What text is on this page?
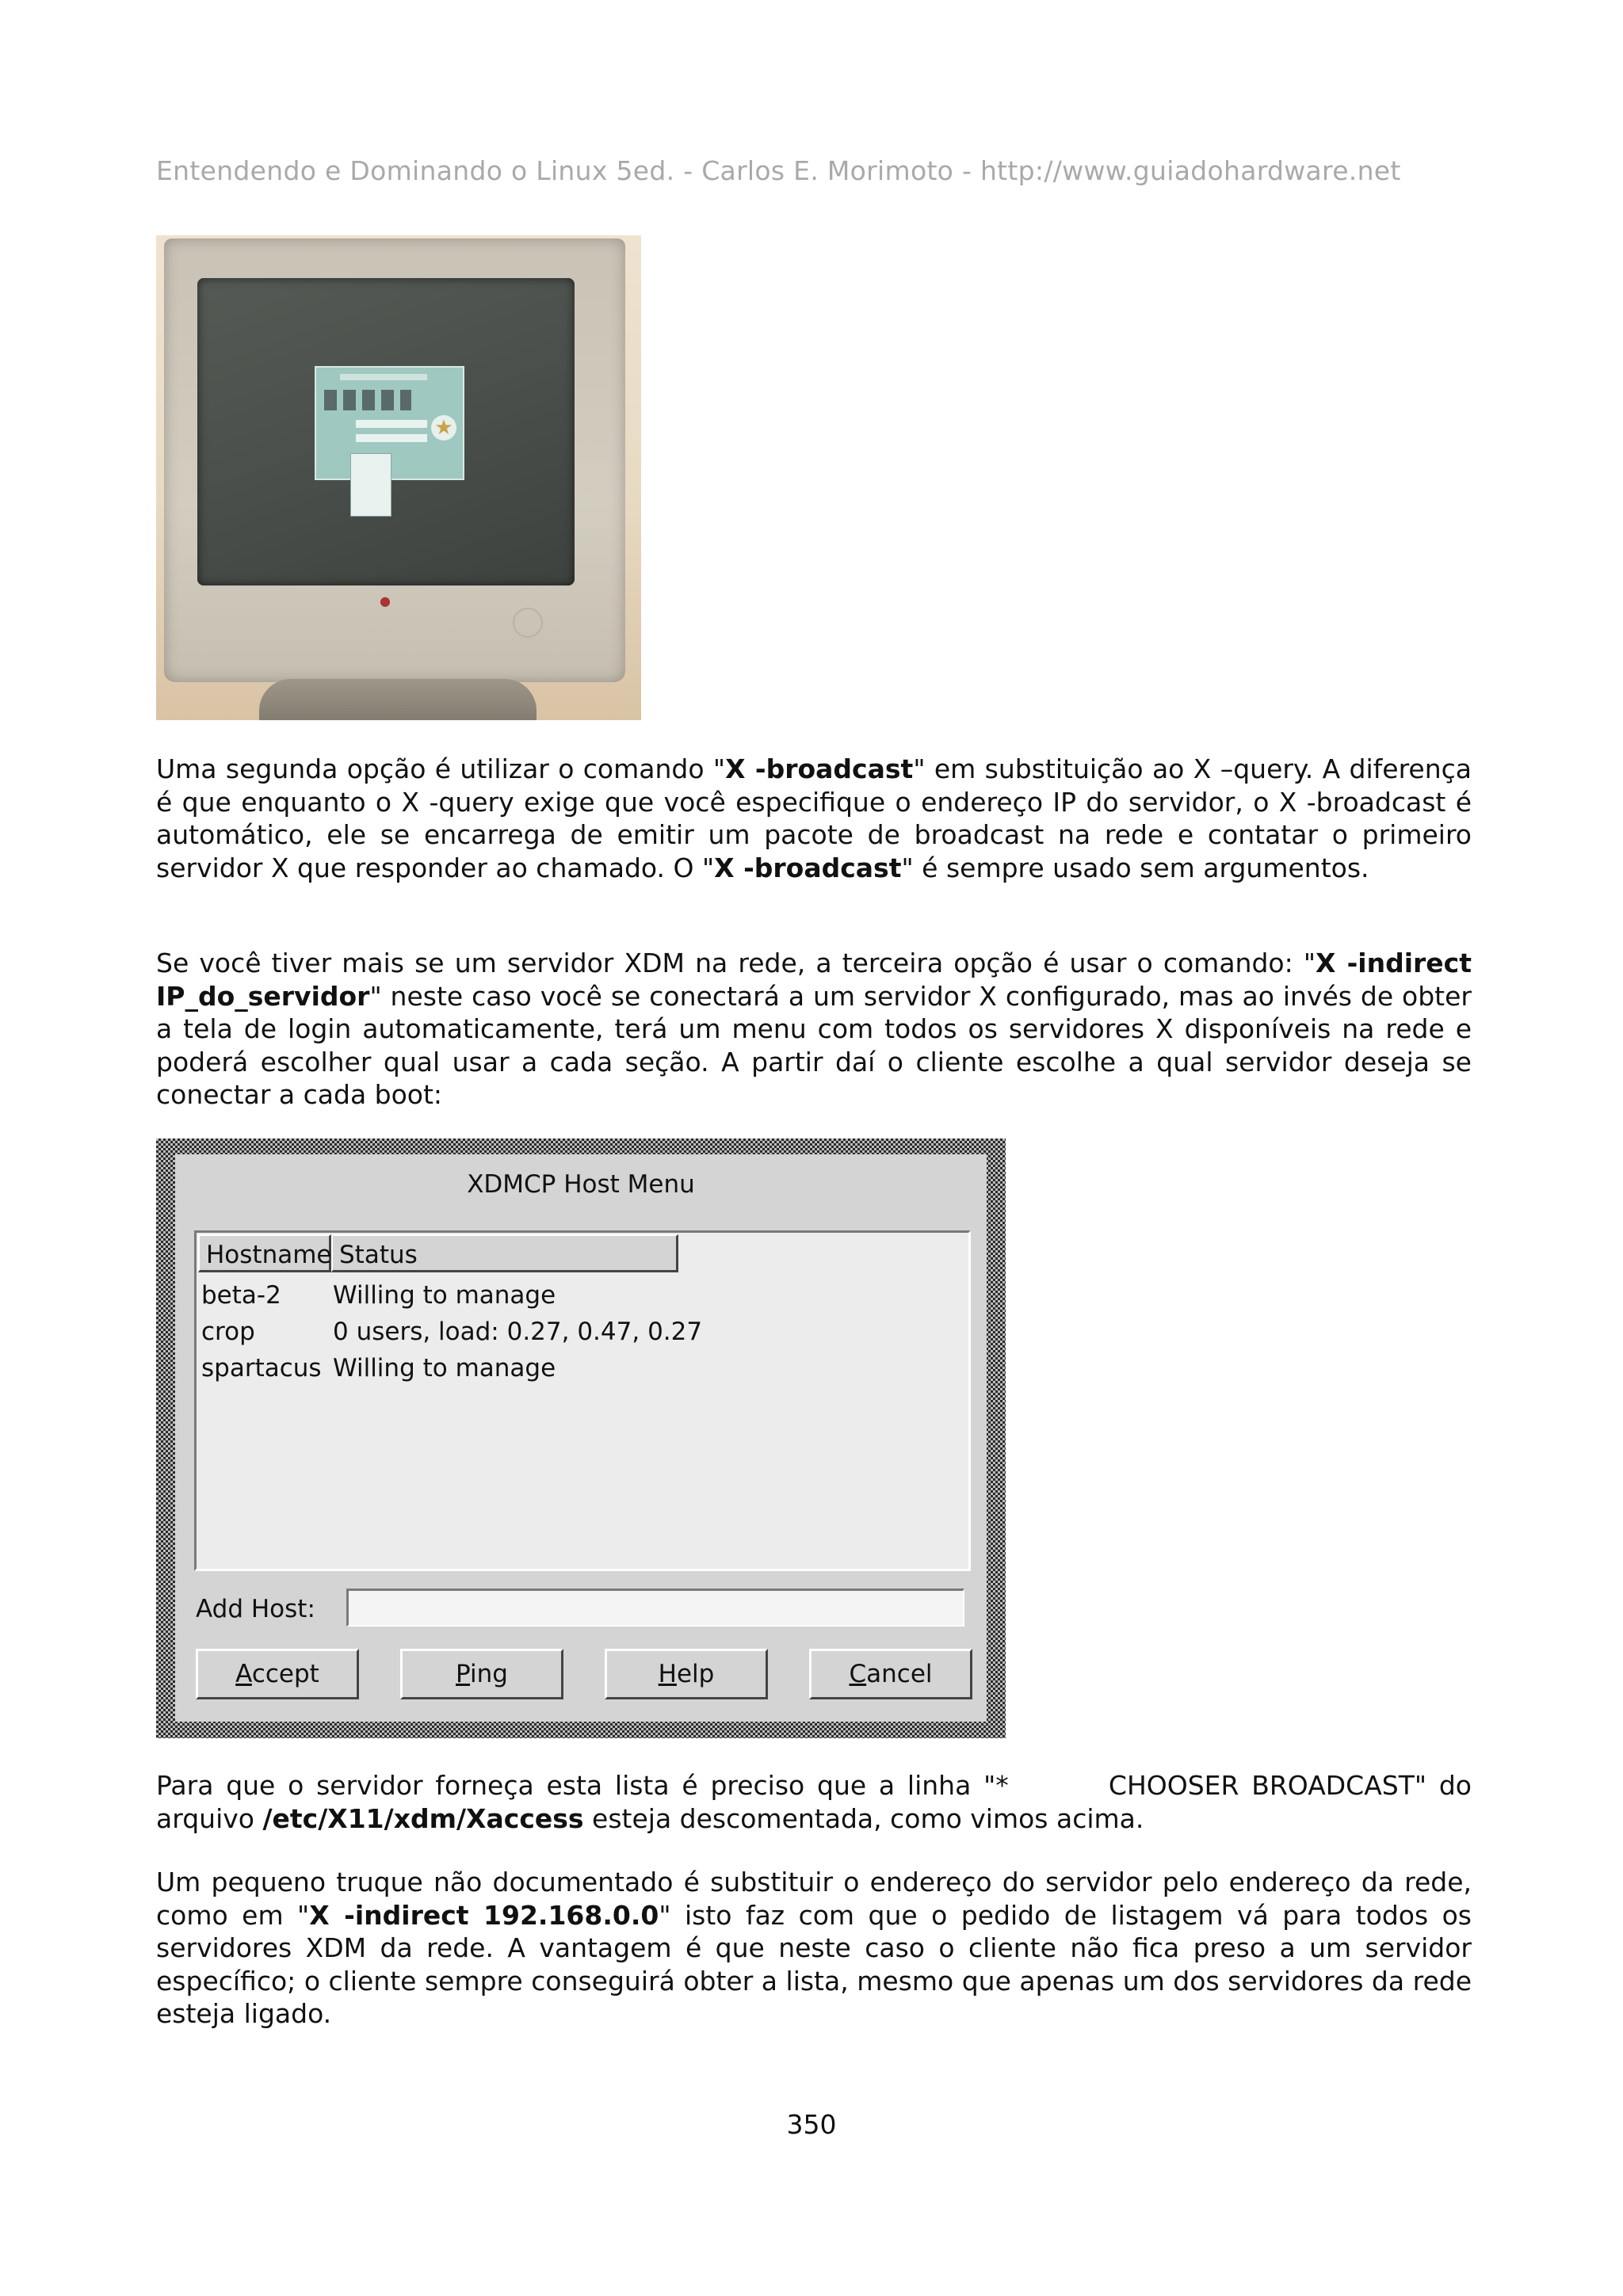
Entendendo e Dominando o Linux 5ed. - Carlos E. Morimoto - http://www.guiadohardware.net
★
●

Uma segunda opção é utilizar o comando "X -broadcast" em substituição ao X –query. A diferença é que enquanto o X -query exige que você especifique o endereço IP do servidor, o X -broadcast é automático, ele se encarrega de emitir um pacote de broadcast na rede e contatar o primeiro servidor X que responder ao chamado. O "X -broadcast" é sempre usado sem argumentos.

Se você tiver mais se um servidor XDM na rede, a terceira opção é usar o comando: "X -indirect IP_do_servidor" neste caso você se conectará a um servidor X configurado, mas ao invés de obter a tela de login automaticamente, terá um menu com todos os servidores X disponíveis na rede e poderá escolher qual usar a cada seção. A partir daí o cliente escolhe a qual servidor deseja se conectar a cada boot:

XDMCP Host Menu
Hostname Status
beta-2 Willing to manage
crop	0 users, load: 0.27, 0.47, 0.27
spartacus Willing to manage
Add Host:
Accept	Ping	Help	Cancel

Para que o servidor forneça esta lista é preciso que a linha "*        CHOOSER BROADCAST" do arquivo /etc/X11/xdm/Xaccess esteja descomentada, como vimos acima.

Um pequeno truque não documentado é substituir o endereço do servidor pelo endereço da rede, como em "X -indirect 192.168.0.0" isto faz com que o pedido de listagem vá para todos os servidores XDM da rede. A vantagem é que neste caso o cliente não fica preso a um servidor específico; o cliente sempre conseguirá obter a lista, mesmo que apenas um dos servidores da rede esteja ligado.

350
